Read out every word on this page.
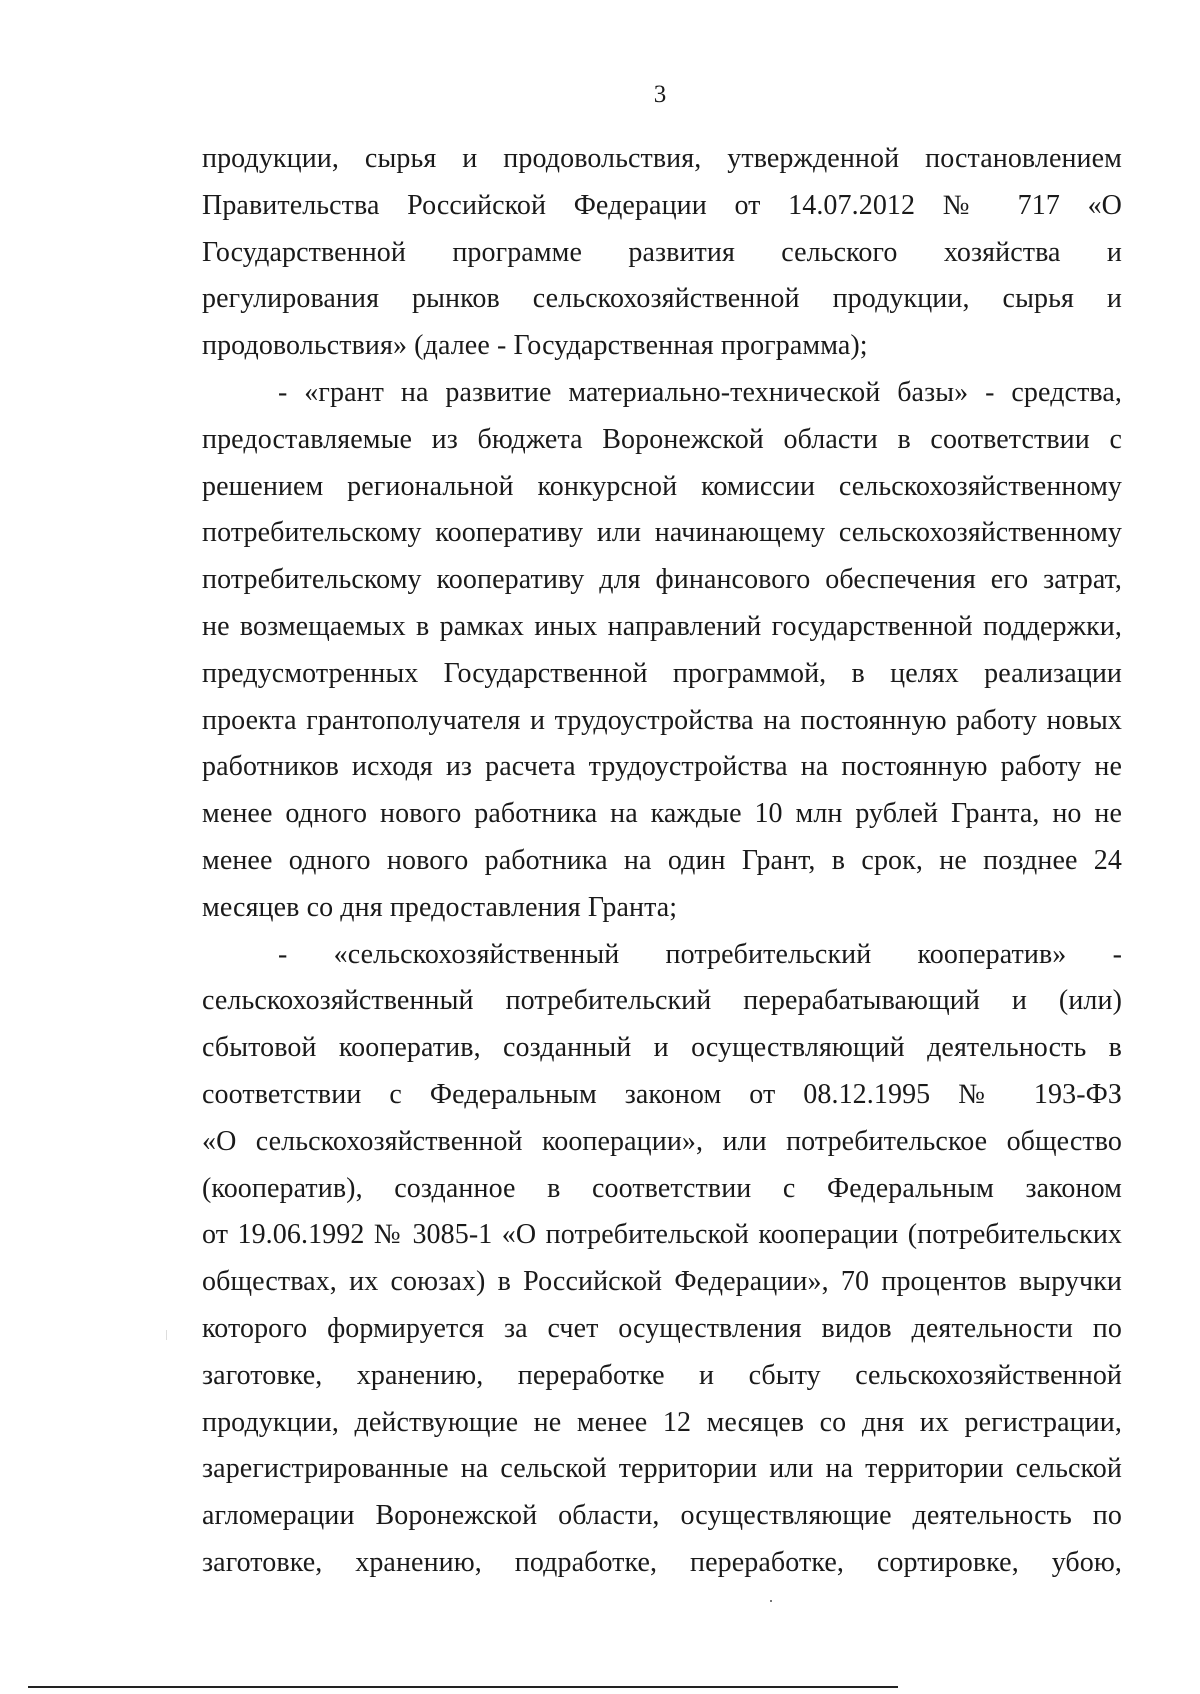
3
продукции, сырья и продовольствия, утвержденной постановлением
Правительства Российской Федерации от 14.07.2012 № 717 «О
Государственной программе развития сельского хозяйства и
регулирования рынков сельскохозяйственной продукции, сырья и
продовольствия» (далее - Государственная программа);
- «грант на развитие материально-технической базы» - средства,
предоставляемые из бюджета Воронежской области в соответствии с
решением региональной конкурсной комиссии сельскохозяйственному
потребительскому кооперативу или начинающему сельскохозяйственному
потребительскому кооперативу для финансового обеспечения его затрат,
не возмещаемых в рамках иных направлений государственной поддержки,
предусмотренных Государственной программой, в целях реализации
проекта грантополучателя и трудоустройства на постоянную работу новых
работников исходя из расчета трудоустройства на постоянную работу не
менее одного нового работника на каждые 10 млн рублей Гранта, но не
менее одного нового работника на один Грант, в срок, не позднее 24
месяцев со дня предоставления Гранта;
- «сельскохозяйственный потребительский кооператив» -
сельскохозяйственный потребительский перерабатывающий и (или)
сбытовой кооператив, созданный и осуществляющий деятельность в
соответствии с Федеральным законом от 08.12.1995 № 193-ФЗ
«О сельскохозяйственной кооперации», или потребительское общество
(кооператив), созданное в соответствии с Федеральным законом
от 19.06.1992 № 3085-1 «О потребительской кооперации (потребительских
обществах, их союзах) в Российской Федерации», 70 процентов выручки
которого формируется за счет осуществления видов деятельности по
заготовке, хранению, переработке и сбыту сельскохозяйственной
продукции, действующие не менее 12 месяцев со дня их регистрации,
зарегистрированные на сельской территории или на территории сельской
агломерации Воронежской области, осуществляющие деятельность по
заготовке, хранению, подработке, переработке, сортировке, убою,
